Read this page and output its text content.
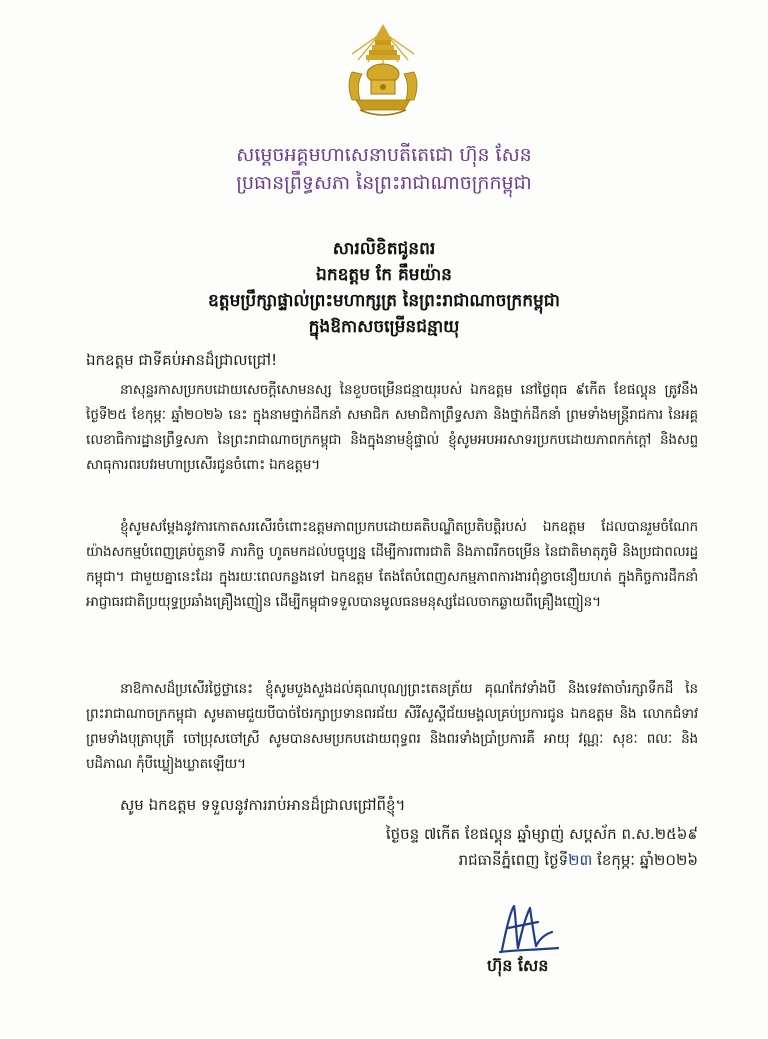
សម្ដេចអគ្គមហាសេនាបតីតេជោ ហ៊ុន សែន
ប្រធានព្រឹទ្ធសភា នៃព្រះរាជាណាចក្រកម្ពុជា
សារលិខិតជូនពរ
ឯកឧត្តម កែ គឹមយ៉ាន
ឧត្តមប្រឹក្សាផ្ទាល់ព្រះមហាក្សត្រ នៃព្រះរាជាណាចក្រកម្ពុជា
ក្នុងឱកាសចម្រើនជន្មាយុ
ឯកឧត្តម ជាទីគប់អានដ៏ជ្រាលជ្រៅ!
នាសុន្ទរកាសប្រកបដោយសេចក្ដីសោមនស្ស នៃខួបចម្រើនជន្មាយុរបស់ ឯកឧត្តម នៅថ្ងៃពុធ ៩កើត ខែផល្គុន ត្រូវនឹងថ្ងៃទី២៥ ខែកុម្ភៈ ឆ្នាំ២០២៦ នេះ ក្នុងនាមថ្នាក់ដឹកនាំ សមាជិក សមាជិកាព្រឹទ្ធសភា និងថ្នាក់ដឹកនាំ ព្រមទាំងមន្ត្រីរាជការ នៃអគ្គលេខាធិការដ្ឋានព្រឹទ្ធសភា នៃព្រះរាជាណាចក្រកម្ពុជា និងក្នុងនាមខ្ញុំផ្ទាល់ ខ្ញុំសូមអបអរសាទរប្រកបដោយភាពកក់ក្ដៅ និងសព្ទសាធុការពរបវរមហាប្រសើរជូនចំពោះ ឯកឧត្តម។
ខ្ញុំសូមសម្ដែងនូវការកោតសរសើរចំពោះឧត្តមភាពប្រកបដោយគតិបណ្ឌិតប្រតិបត្តិរបស់ ឯកឧត្តម ដែលបានរួមចំណែកយ៉ាងសកម្មបំពេញគ្រប់តួនាទី ភារកិច្ច ហូតមកដល់បច្ចុប្បន្ន ដើម្បីការពារជាតិ និងភាពរីកចម្រើន នៃជាតិមាតុភូមិ និងប្រជាពលរដ្ឋកម្ពុជា។ ជាមួយគ្នានេះដែរ ក្នុងរយៈពេលកន្លងទៅ ឯកឧត្តម តែងតែបំពេញសកម្មភាពការងារពុំខ្វាចនឿយហត់ ក្នុងកិច្ចការដឹកនាំអាជ្ញាធរជាតិប្រយុទ្ធប្រឆាំងគ្រឿងញៀន ដើម្បីកម្ពុជាទទួលបានមូលធនមនុស្សដែលចាកឆ្ងាយពីគ្រឿងញៀន។
នាឱកាសដ៏ប្រសើរថ្លៃថ្លានេះ ខ្ញុំសូមបួងសួងដល់គុណបុណ្យព្រះតេនត្រ័យ គុណកែវទាំងបី និងទេវតាចាំរក្សាទឹកដី នៃព្រះរាជាណាចក្រកម្ពុជា សូមតាមជួយបីបាច់ថែរក្សាប្រទានពរជ័យ សិរីសួស្ដីជ័យមង្គលគ្រប់ប្រការជូន ឯកឧត្តម និង លោកជំទាវ ព្រមទាំងបុត្រាបុត្រី ចៅប្រុសចៅស្រី សូមបានសមប្រកបដោយពុទ្ធពរ និងពរទាំងប្រាំប្រការគឺ អាយុ វណ្ណៈ សុខៈ ពលៈ និងបដិភាណ កុំបីឃ្លៀងឃ្លាតឡើយ។
សូម ឯកឧត្តម ទទួលនូវការរាប់អានដ៏ជ្រាលជ្រៅពីខ្ញុំ។
ថ្ងៃចន្ទ ៧កើត ខែផល្គុន ឆ្នាំម្សាញ់ សប្តស័ក ព.ស.២៥៦៩
រាជធានីភ្នំពេញ ថ្ងៃទី២៣ ខែកុម្ភៈ ឆ្នាំ២០២៦
ហ៊ុន សែន
